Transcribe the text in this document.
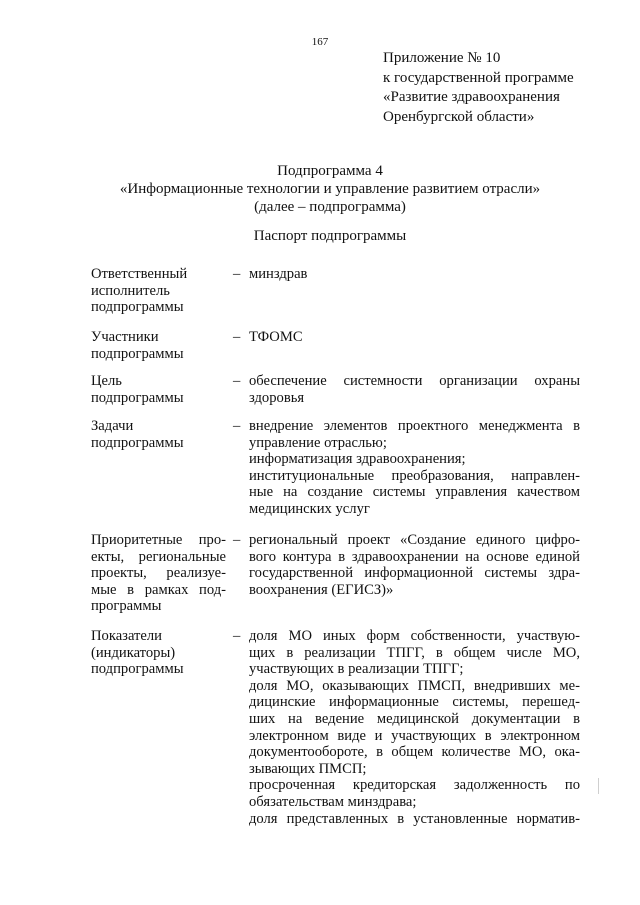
167
Приложение № 10
к государственной программе
«Развитие здравоохранения
Оренбургской области»
Подпрограмма 4
«Информационные технологии и управление развитием отрасли»
(далее – подпрограмма)
Паспорт подпрограммы
Ответственный
исполнитель
подпрограммы
– минздрав
Участники
подпрограммы
– ТФОМС
Цель
подпрограммы
– обеспечение системности организации охраны
здоровья
Задачи
подпрограммы
– внедрение элементов проектного менеджмента в
управление отраслью;
информатизация здравоохранения;
институциональные преобразования, направлен-
ные на создание системы управления качеством
медицинских услуг
Приоритетные про-
екты, региональные
проекты, реализуе-
мые в рамках под-
программы
– региональный проект «Создание единого цифро-
вого контура в здравоохранении на основе единой
государственной информационной системы здра-
воохранения (ЕГИСЗ)»
Показатели
(индикаторы)
подпрограммы
– доля МО иных форм собственности, участвую-
щих в реализации ТПГГ, в общем числе МО,
участвующих в реализации ТПГГ;
доля МО, оказывающих ПМСП, внедривших ме-
дицинские информационные системы, перешед-
ших на ведение медицинской документации в
электронном виде и участвующих в электронном
документообороте, в общем количестве МО, ока-
зывающих ПМСП;
просроченная кредиторская задолженность по
обязательствам минздрава;
доля представленных в установленные норматив-
